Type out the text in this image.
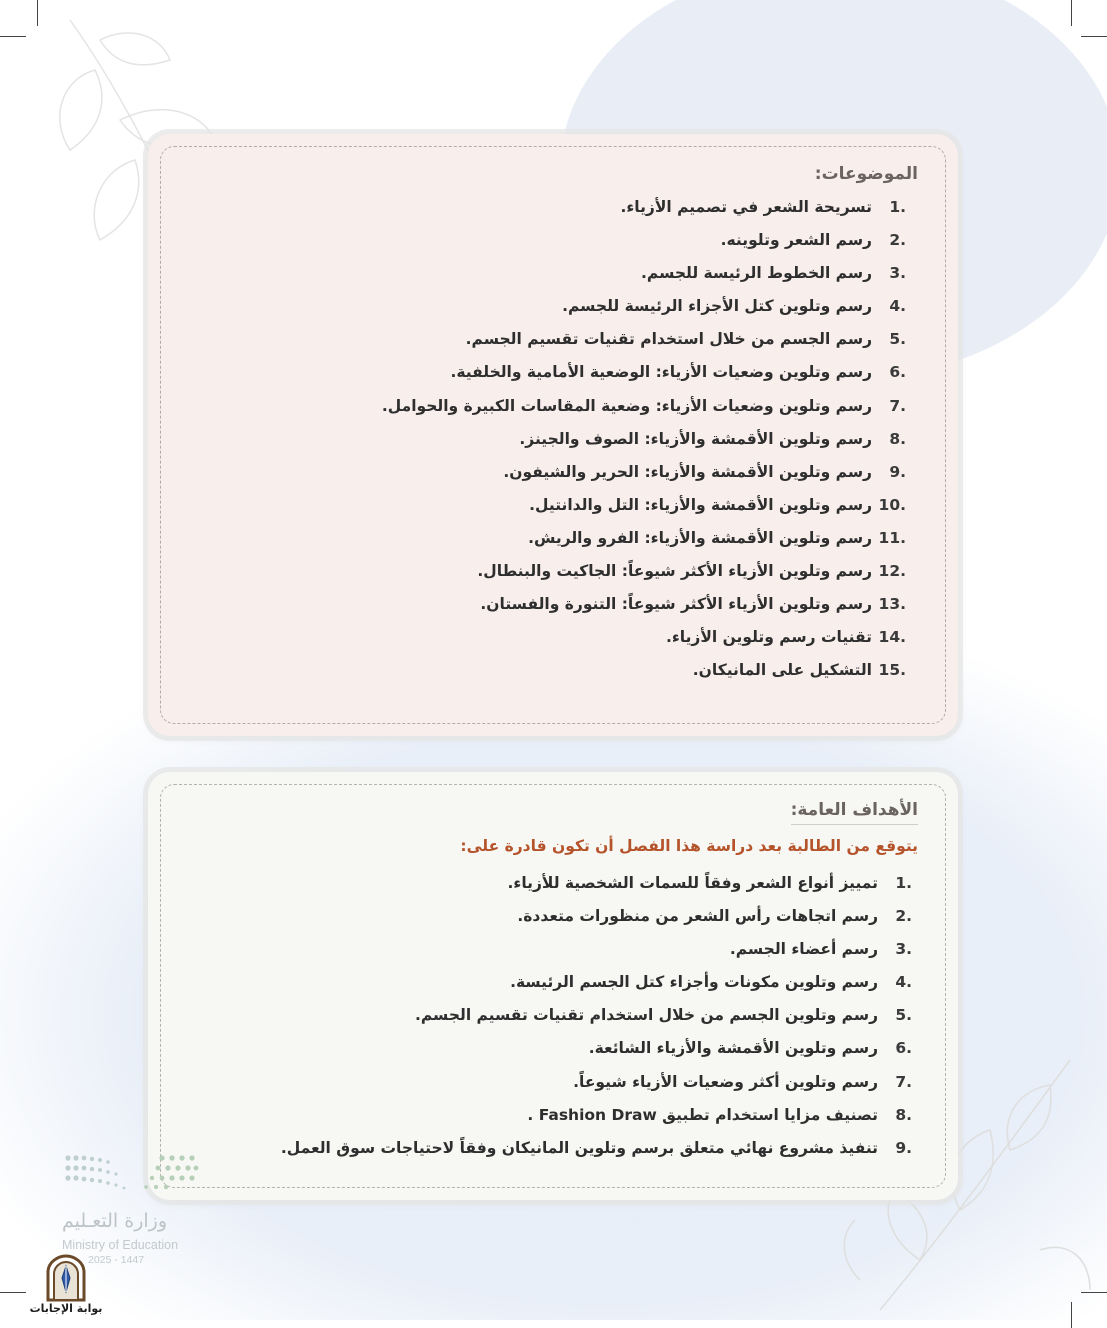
الموضوعات:
1.
تسريحة الشعر في تصميم الأزياء.
2.
رسم الشعر وتلوينه.
3.
رسم الخطوط الرئيسة للجسم.
4.
رسم وتلوين كتل الأجزاء الرئيسة للجسم.
5.
رسم الجسم من خلال استخدام تقنيات تقسيم الجسم.
6.
رسم وتلوين وضعيات الأزياء: الوضعية الأمامية والخلفية.
7.
رسم وتلوين وضعيات الأزياء: وضعية المقاسات الكبيرة والحوامل.
8.
رسم وتلوين الأقمشة والأزياء: الصوف والجينز.
9.
رسم وتلوين الأقمشة والأزياء: الحرير والشيفون.
10.
رسم وتلوين الأقمشة والأزياء: التل والدانتيل.
11.
رسم وتلوين الأقمشة والأزياء: الفرو والريش.
12.
رسم وتلوين الأزياء الأكثر شيوعاً: الجاكيت والبنطال.
13.
رسم وتلوين الأزياء الأكثر شيوعاً: التنورة والفستان.
14.
تقنيات رسم وتلوين الأزياء.
15.
التشكيل على المانيكان.
الأهداف العامة:
يتوقع من الطالبة بعد دراسة هذا الفصل أن تكون قادرة على:
1.
تمييز أنواع الشعر وفقاً للسمات الشخصية للأزياء.
2.
رسم اتجاهات رأس الشعر من منظورات متعددة.
3.
رسم أعضاء الجسم.
4.
رسم وتلوين مكونات وأجزاء كتل الجسم الرئيسة.
5.
رسم وتلوين الجسم من خلال استخدام تقنيات تقسيم الجسم.
6.
رسم وتلوين الأقمشة والأزياء الشائعة.
7.
رسم وتلوين أكثر وضعيات الأزياء شيوعاً.
8.
تصنيف مزايا استخدام تطبيق Fashion Draw .
9.
تنفيذ مشروع نهائي متعلق برسم وتلوين المانيكان وفقاً لاحتياجات سوق العمل.
وزارة التعـليم
Ministry of Education
2025 - 1447
بوابة الإجابات
